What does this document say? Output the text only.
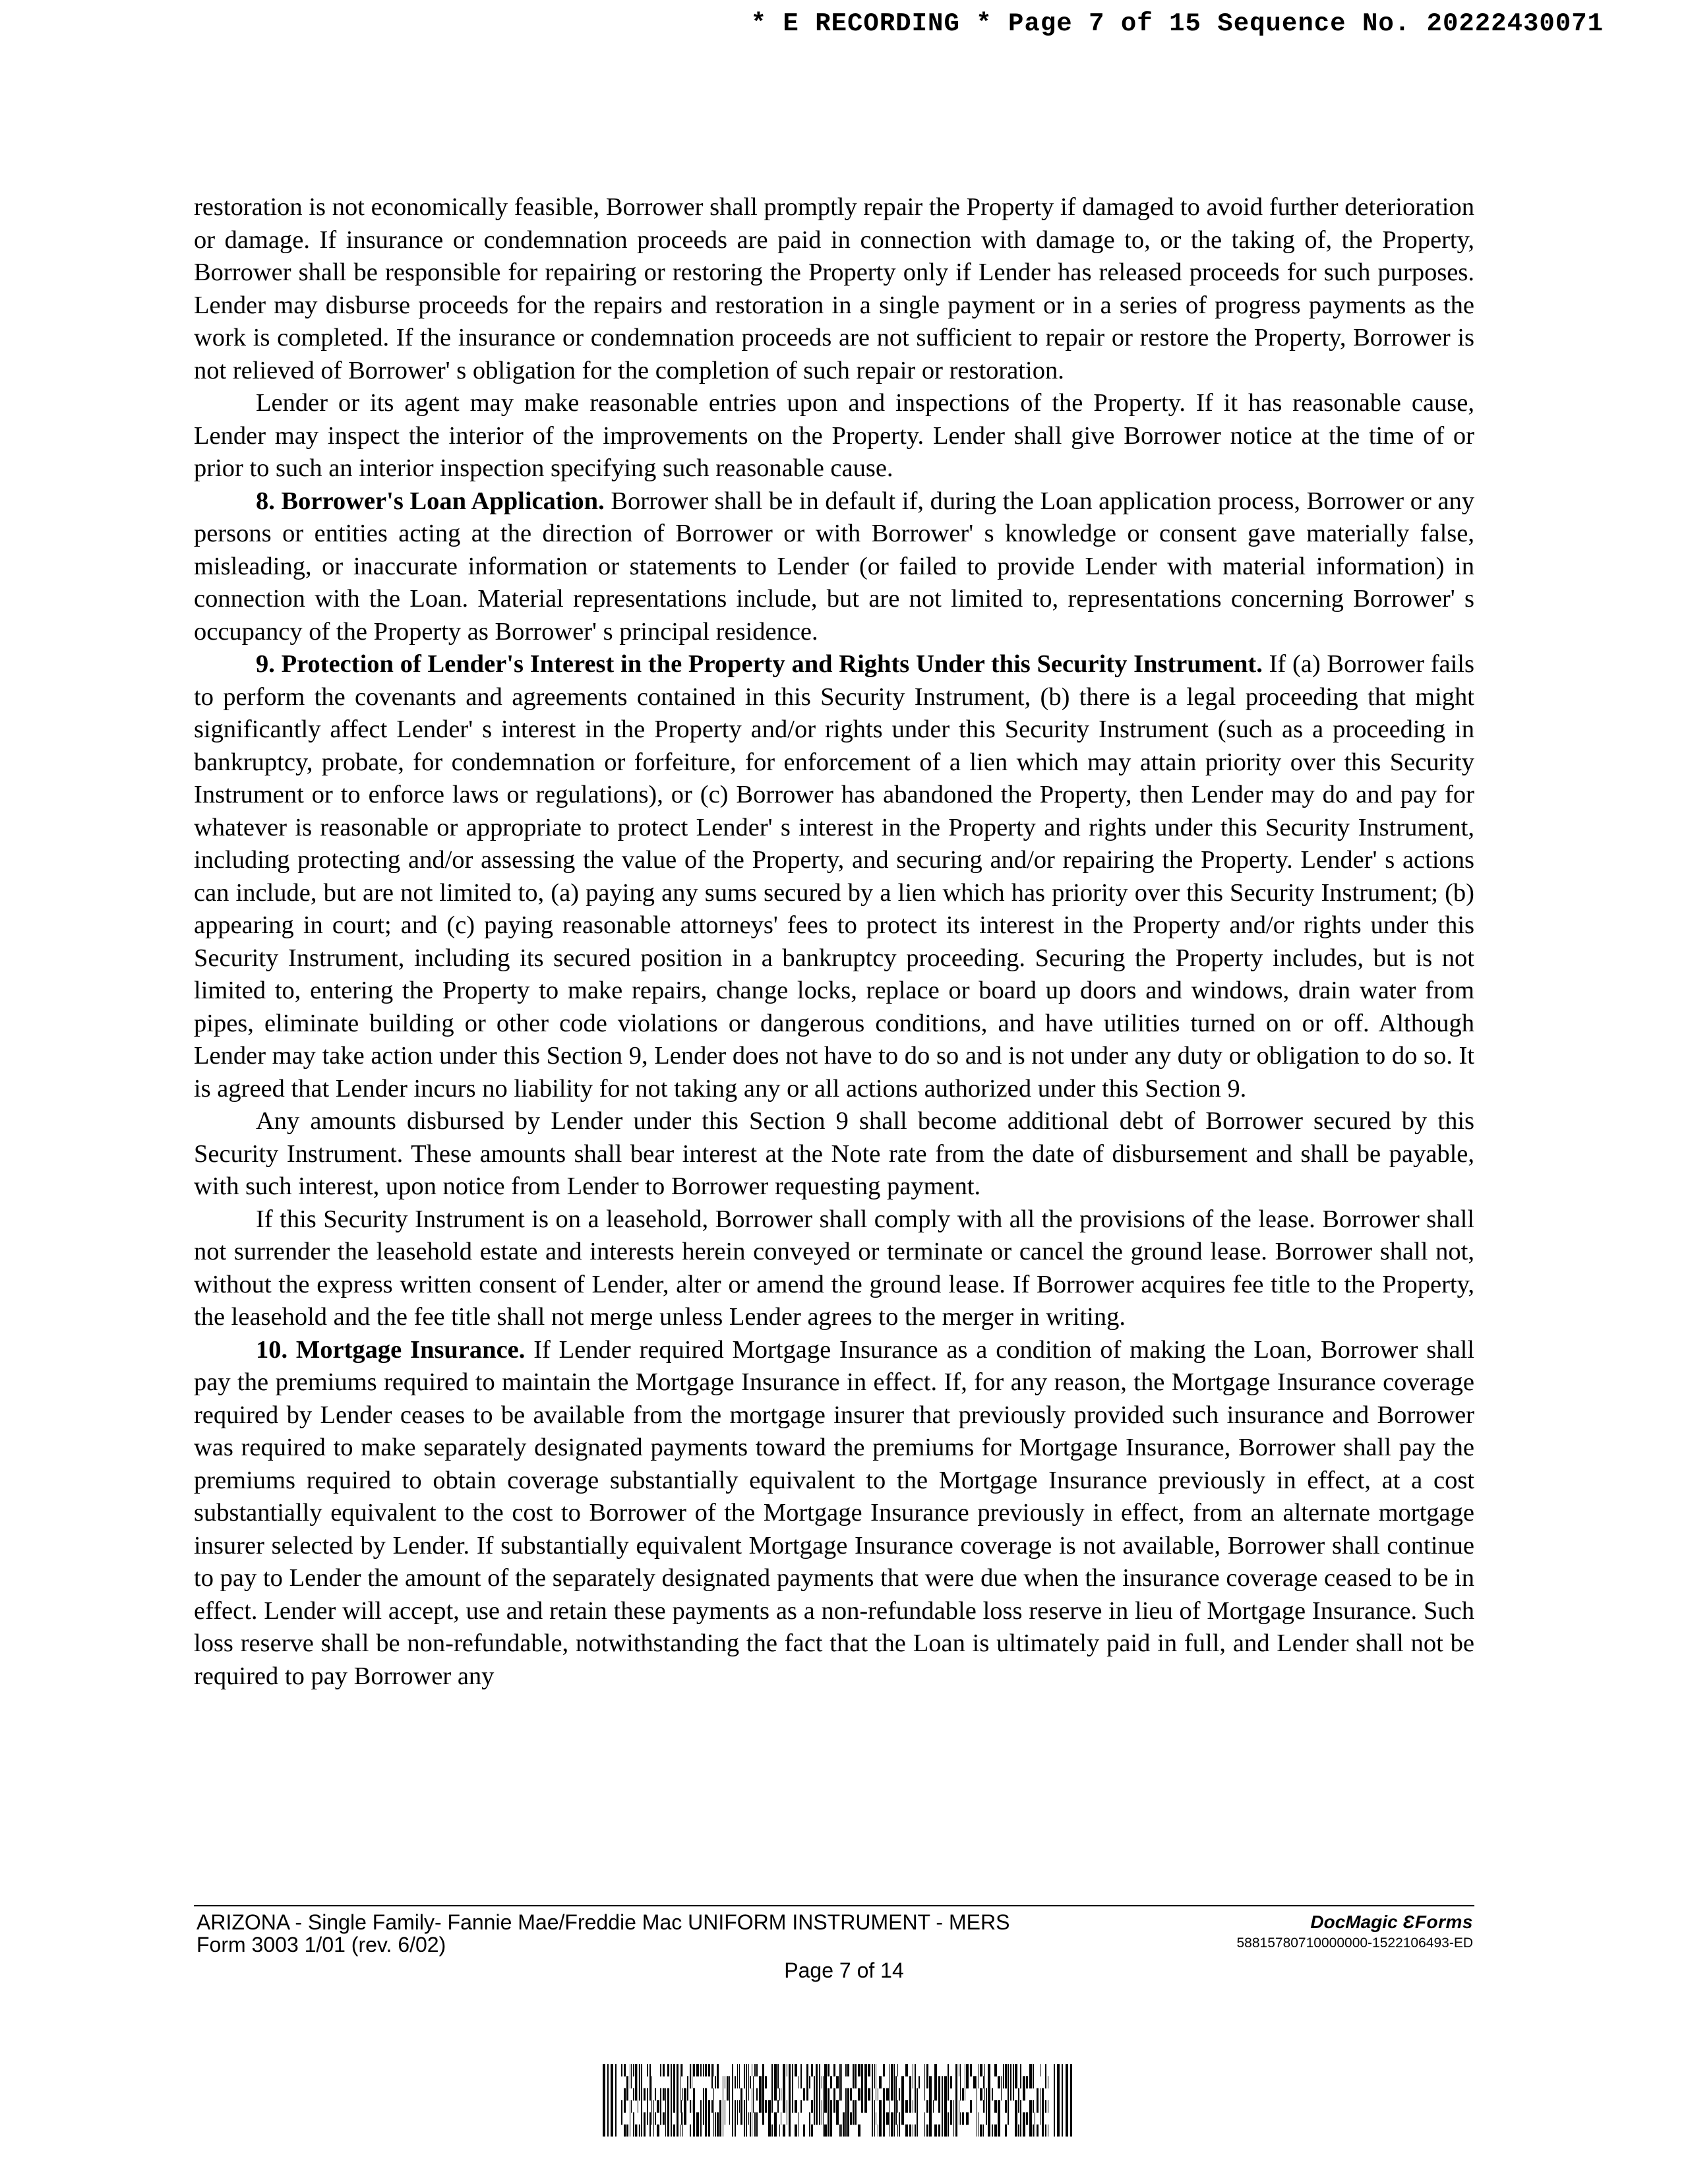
* E RECORDING * Page 7 of 15 Sequence No. 20222430071

restoration is not economically feasible, Borrower shall promptly repair the Property if damaged to avoid further deterioration or damage. If insurance or condemnation proceeds are paid in connection with damage to, or the taking of, the Property, Borrower shall be responsible for repairing or restoring the Property only if Lender has released proceeds for such purposes. Lender may disburse proceeds for the repairs and restoration in a single payment or in a series of progress payments as the work is completed. If the insurance or condemnation proceeds are not sufficient to repair or restore the Property, Borrower is not relieved of Borrower' s obligation for the completion of such repair or restoration.

Lender or its agent may make reasonable entries upon and inspections of the Property. If it has reasonable cause, Lender may inspect the interior of the improvements on the Property. Lender shall give Borrower notice at the time of or prior to such an interior inspection specifying such reasonable cause.

8. Borrower's Loan Application. Borrower shall be in default if, during the Loan application process, Borrower or any persons or entities acting at the direction of Borrower or with Borrower' s knowledge or consent gave materially false, misleading, or inaccurate information or statements to Lender (or failed to provide Lender with material information) in connection with the Loan. Material representations include, but are not limited to, representations concerning Borrower' s occupancy of the Property as Borrower' s principal residence.

9. Protection of Lender's Interest in the Property and Rights Under this Security Instrument. If (a) Borrower fails to perform the covenants and agreements contained in this Security Instrument, (b) there is a legal proceeding that might significantly affect Lender' s interest in the Property and/or rights under this Security Instrument (such as a proceeding in bankruptcy, probate, for condemnation or forfeiture, for enforcement of a lien which may attain priority over this Security Instrument or to enforce laws or regulations), or (c) Borrower has abandoned the Property, then Lender may do and pay for whatever is reasonable or appropriate to protect Lender' s interest in the Property and rights under this Security Instrument, including protecting and/or assessing the value of the Property, and securing and/or repairing the Property. Lender' s actions can include, but are not limited to, (a) paying any sums secured by a lien which has priority over this Security Instrument; (b) appearing in court; and (c) paying reasonable attorneys' fees to protect its interest in the Property and/or rights under this Security Instrument, including its secured position in a bankruptcy proceeding. Securing the Property includes, but is not limited to, entering the Property to make repairs, change locks, replace or board up doors and windows, drain water from pipes, eliminate building or other code violations or dangerous conditions, and have utilities turned on or off. Although Lender may take action under this Section 9, Lender does not have to do so and is not under any duty or obligation to do so. It is agreed that Lender incurs no liability for not taking any or all actions authorized under this Section 9.

Any amounts disbursed by Lender under this Section 9 shall become additional debt of Borrower secured by this Security Instrument. These amounts shall bear interest at the Note rate from the date of disbursement and shall be payable, with such interest, upon notice from Lender to Borrower requesting payment.

If this Security Instrument is on a leasehold, Borrower shall comply with all the provisions of the lease. Borrower shall not surrender the leasehold estate and interests herein conveyed or terminate or cancel the ground lease. Borrower shall not, without the express written consent of Lender, alter or amend the ground lease. If Borrower acquires fee title to the Property, the leasehold and the fee title shall not merge unless Lender agrees to the merger in writing.

10. Mortgage Insurance. If Lender required Mortgage Insurance as a condition of making the Loan, Borrower shall pay the premiums required to maintain the Mortgage Insurance in effect. If, for any reason, the Mortgage Insurance coverage required by Lender ceases to be available from the mortgage insurer that previously provided such insurance and Borrower was required to make separately designated payments toward the premiums for Mortgage Insurance, Borrower shall pay the premiums required to obtain coverage substantially equivalent to the Mortgage Insurance previously in effect, at a cost substantially equivalent to the cost to Borrower of the Mortgage Insurance previously in effect, from an alternate mortgage insurer selected by Lender. If substantially equivalent Mortgage Insurance coverage is not available, Borrower shall continue to pay to Lender the amount of the separately designated payments that were due when the insurance coverage ceased to be in effect. Lender will accept, use and retain these payments as a non-refundable loss reserve in lieu of Mortgage Insurance. Such loss reserve shall be non-refundable, notwithstanding the fact that the Loan is ultimately paid in full, and Lender shall not be required to pay Borrower any

ARIZONA - Single Family- Fannie Mae/Freddie Mac UNIFORM INSTRUMENT - MERS
Form 3003 1/01 (rev. 6/02)
Page 7 of 14
DocMagic ƐForms
58815780710000000-1522106493-ED
